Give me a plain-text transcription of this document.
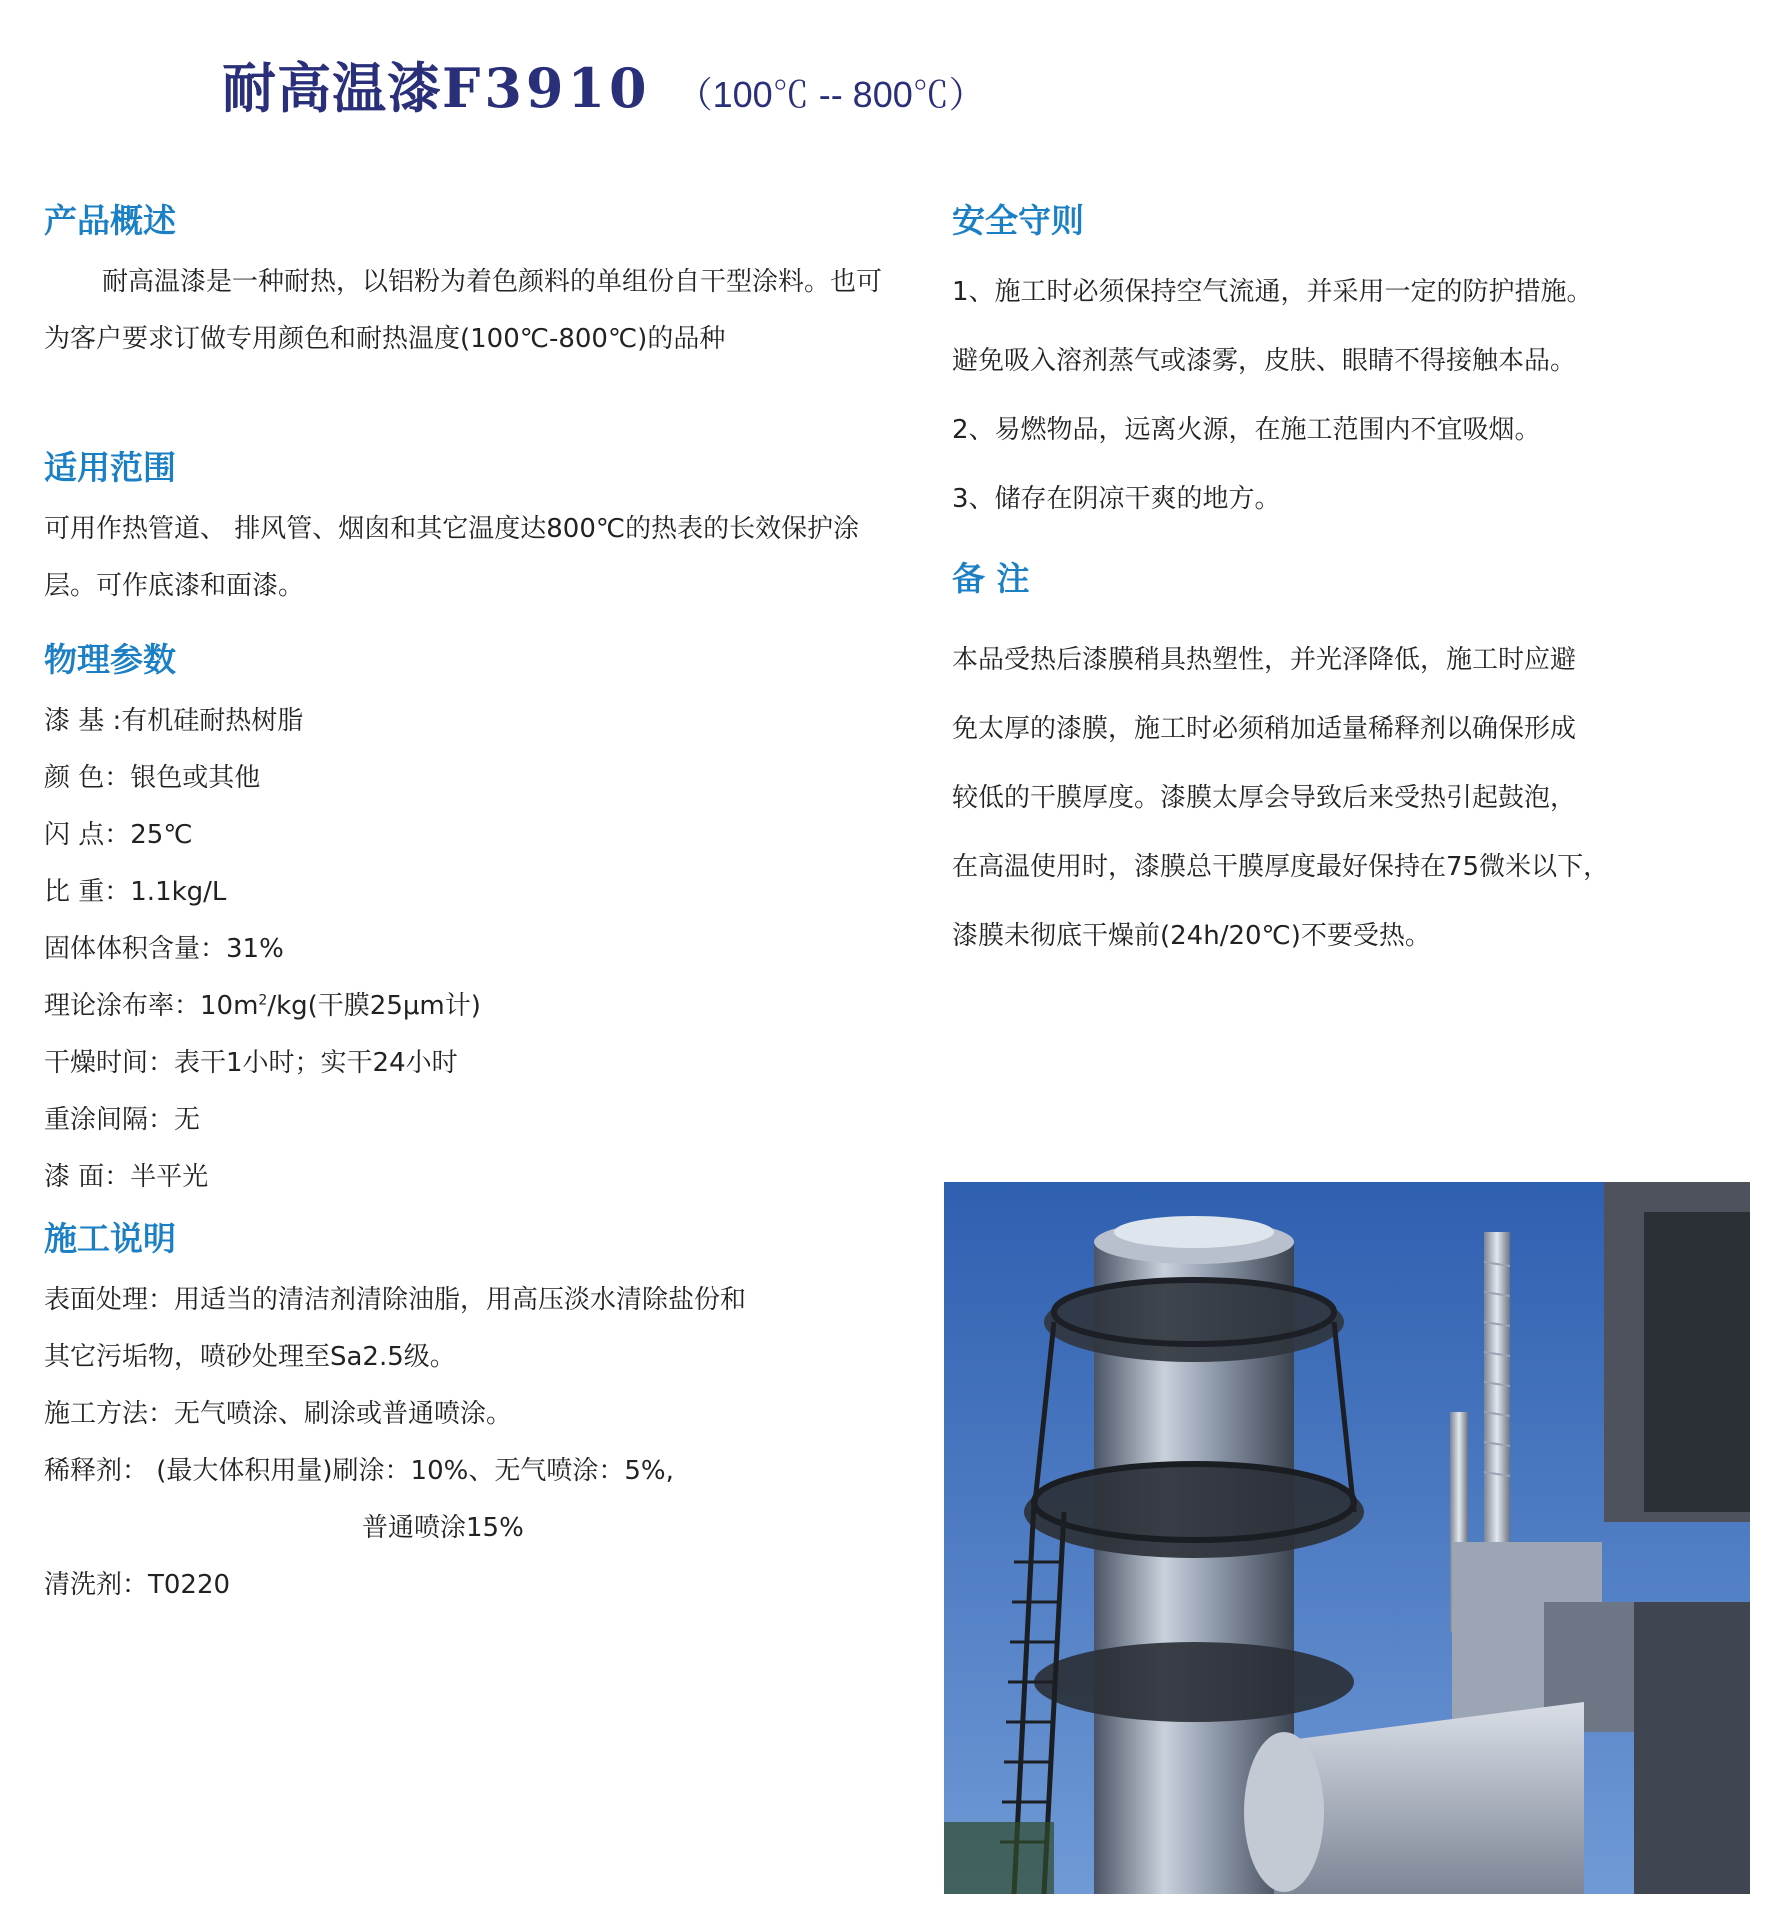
耐高温漆 F3910 （100℃ -- 800℃）
产品概述

耐高温漆是一种耐热，以铝粉为着色颜料的单组份自干型涂料。也可为客户要求订做专用颜色和耐热温度(100℃-800℃)的品种

适用范围

可用作热管道、 排风管、烟囱和其它温度达800℃的热表的长效保护涂层。可作底漆和面漆。

物理参数
漆 基 :有机硅耐热树脂
颜 色：银色或其他
闪 点：25℃
比 重：1.1kg/L
固体体积含量：31%
理论涂布率：$10m^2/kg$(干膜25μm计)
干燥时间：表干1小时；实干24小时
重涂间隔：无
漆 面：半平光
施工说明
表面处理：用适当的清洁剂清除油脂，用高压淡水清除盐份和
其它污垢物，喷砂处理至Sa2.5级。
施工方法：无气喷涂、刷涂或普通喷涂。
稀释剂： (最大体积用量)刷涂：10%、无气喷涂：5%,
普通喷涂15%
清洗剂：T0220
安全守则
1、施工时必须保持空气流通，并采用一定的防护措施。
避免吸入溶剂蒸气或漆雾，皮肤、眼睛不得接触本品。
2、易燃物品，远离火源，在施工范围内不宜吸烟。
3、储存在阴凉干爽的地方。
备 注
本品受热后漆膜稍具热塑性，并光泽降低，施工时应避
免太厚的漆膜，施工时必须稍加适量稀释剂以确保形成
较低的干膜厚度。漆膜太厚会导致后来受热引起鼓泡，
在高温使用时，漆膜总干膜厚度最好保持在75微米以下，
漆膜未彻底干燥前(24h/20℃)不要受热。
